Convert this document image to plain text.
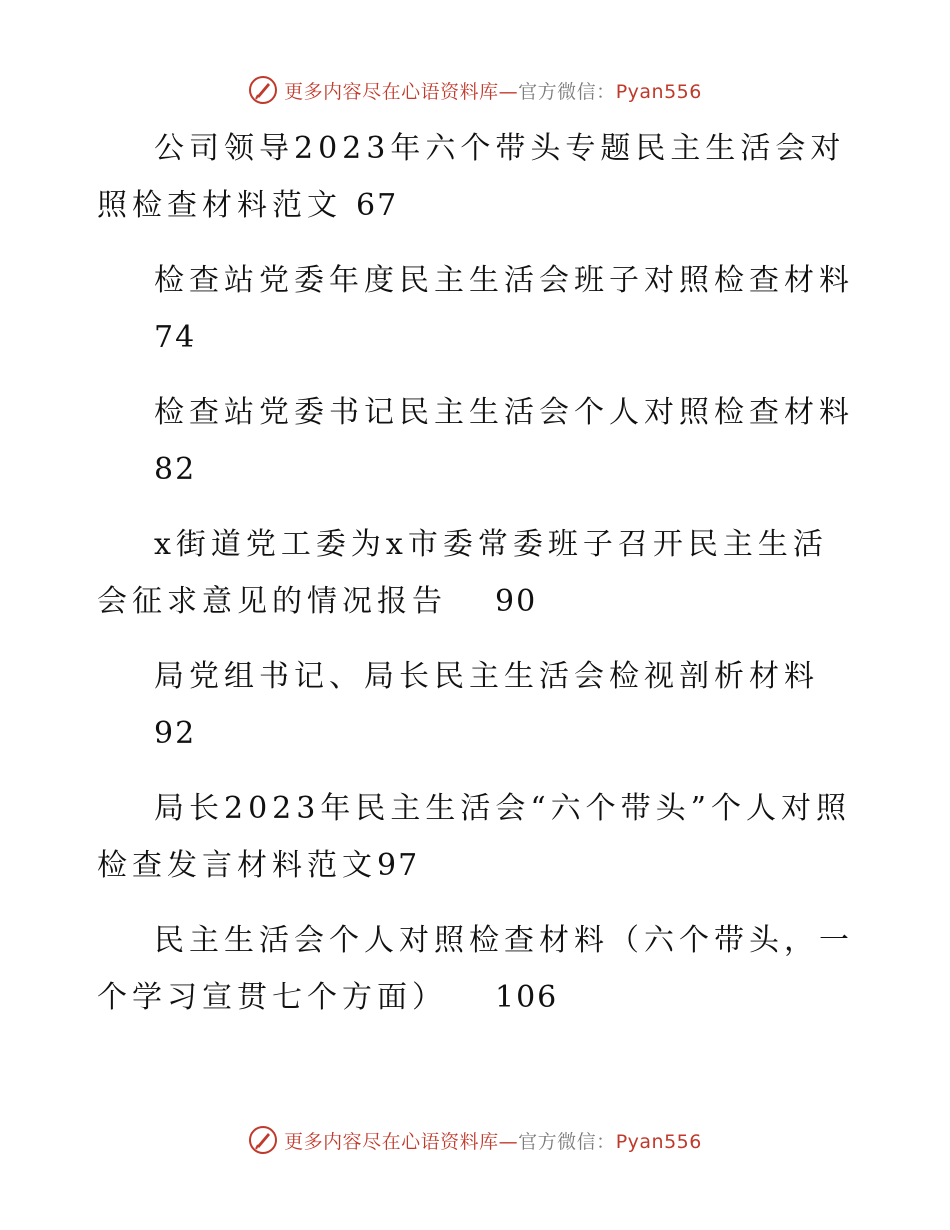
更多内容尽在心语资料库—官方微信：Pyan556
公司领导2023年六个带头专题民主生活会对照检查材料范文 67
检查站党委年度民主生活会班子对照检查材料
74
检查站党委书记民主生活会个人对照检查材料
82
x街道党工委为x市委常委班子召开民主生活会征求意见的情况报告 90
局党组书记、局长民主生活会检视剖析材料
92
局长2023年民主生活会“六个带头”个人对照检查发言材料范文97
民主生活会个人对照检查材料（六个带头，一个学习宣贯七个方面） 106
更多内容尽在心语资料库—官方微信：Pyan556
